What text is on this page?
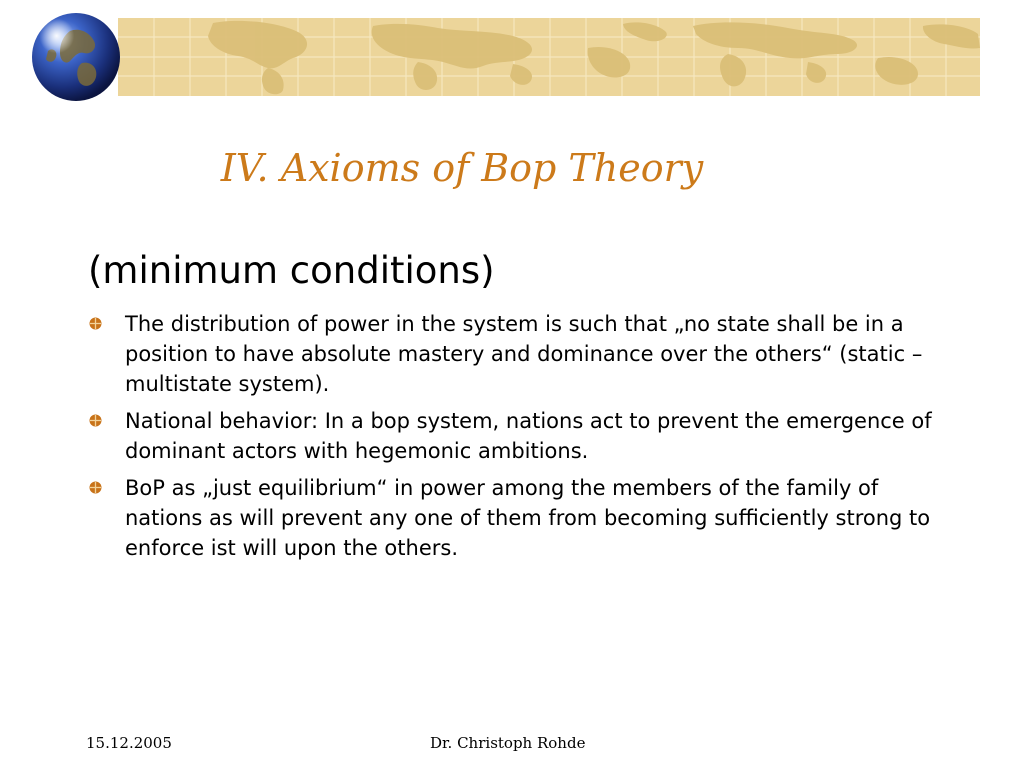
IV. Axioms of Bop Theory
(minimum conditions)
The distribution of power in the system is such that „no state shall be in a position to have absolute mastery and dominance over the others“ (static – multistate system).
National behavior: In a bop system, nations act to prevent the emergence of dominant actors with hegemonic ambitions.
BoP as „just equilibrium“ in power among the members of the family of nations as will prevent any one of them from becoming sufficiently strong to enforce ist will upon the others.
15.12.2005	Dr. Christoph Rohde
